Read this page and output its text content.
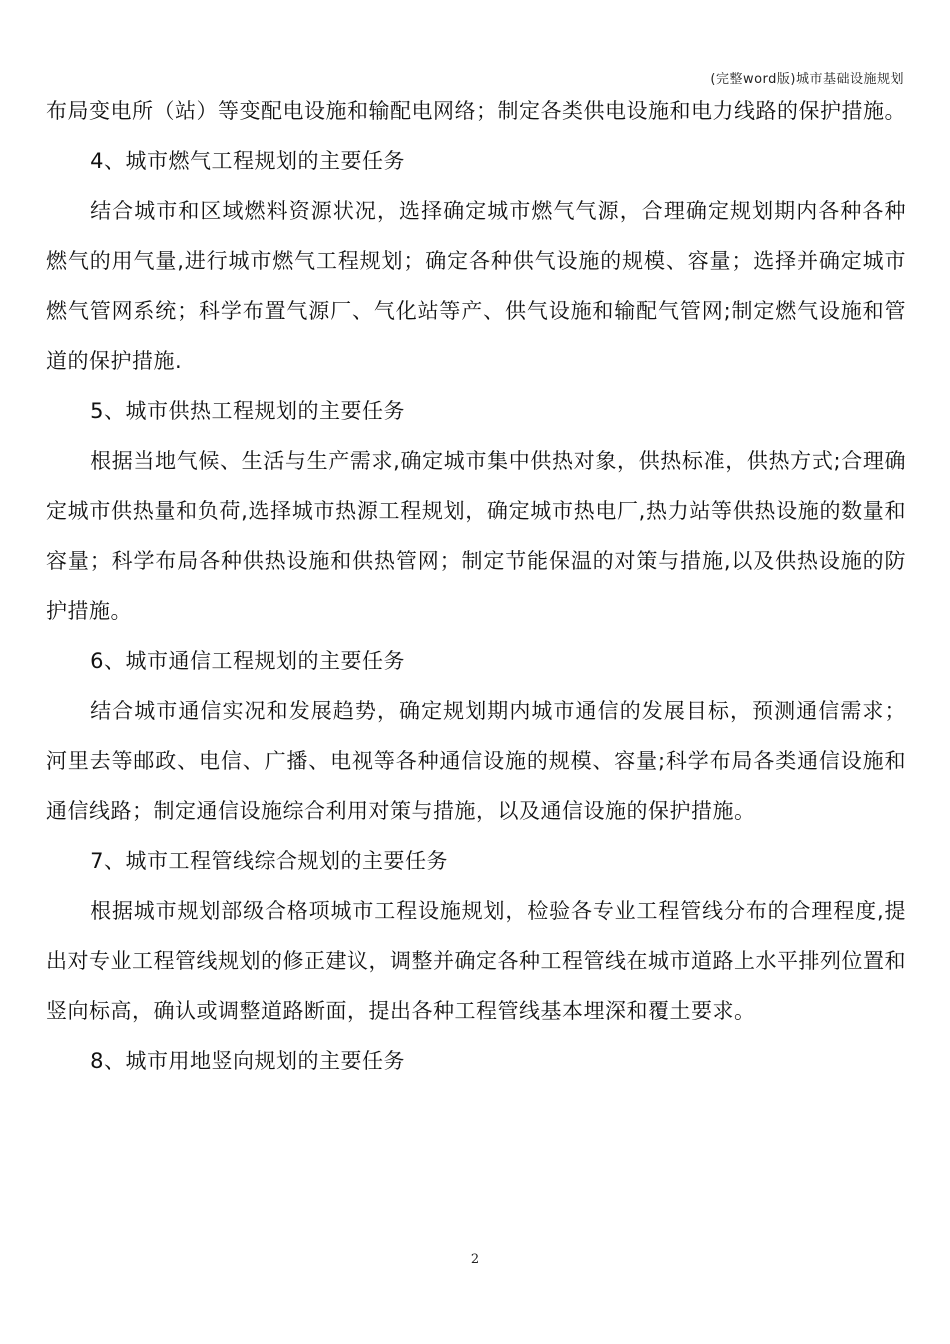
(完整word版)城市基础设施规划

布局变电所（站）等变配电设施和输配电网络；制定各类供电设施和电力线路的保护措施。

4、城市燃气工程规划的主要任务

结合城市和区域燃料资源状况，选择确定城市燃气气源，合理确定规划期内各种各种燃气的用气量,进行城市燃气工程规划；确定各种供气设施的规模、容量；选择并确定城市燃气管网系统；科学布置气源厂、气化站等产、供气设施和输配气管网;制定燃气设施和管道的保护措施.

5、城市供热工程规划的主要任务

根据当地气候、生活与生产需求,确定城市集中供热对象，供热标准，供热方式;合理确定城市供热量和负荷,选择城市热源工程规划，确定城市热电厂,热力站等供热设施的数量和容量；科学布局各种供热设施和供热管网；制定节能保温的对策与措施,以及供热设施的防护措施。

6、城市通信工程规划的主要任务

结合城市通信实况和发展趋势，确定规划期内城市通信的发展目标，预测通信需求；河里去等邮政、电信、广播、电视等各种通信设施的规模、容量;科学布局各类通信设施和通信线路；制定通信设施综合利用对策与措施，以及通信设施的保护措施。

7、城市工程管线综合规划的主要任务

根据城市规划部级合格项城市工程设施规划，检验各专业工程管线分布的合理程度,提出对专业工程管线规划的修正建议，调整并确定各种工程管线在城市道路上水平排列位置和竖向标高，确认或调整道路断面，提出各种工程管线基本埋深和覆土要求。

8、城市用地竖向规划的主要任务

2
